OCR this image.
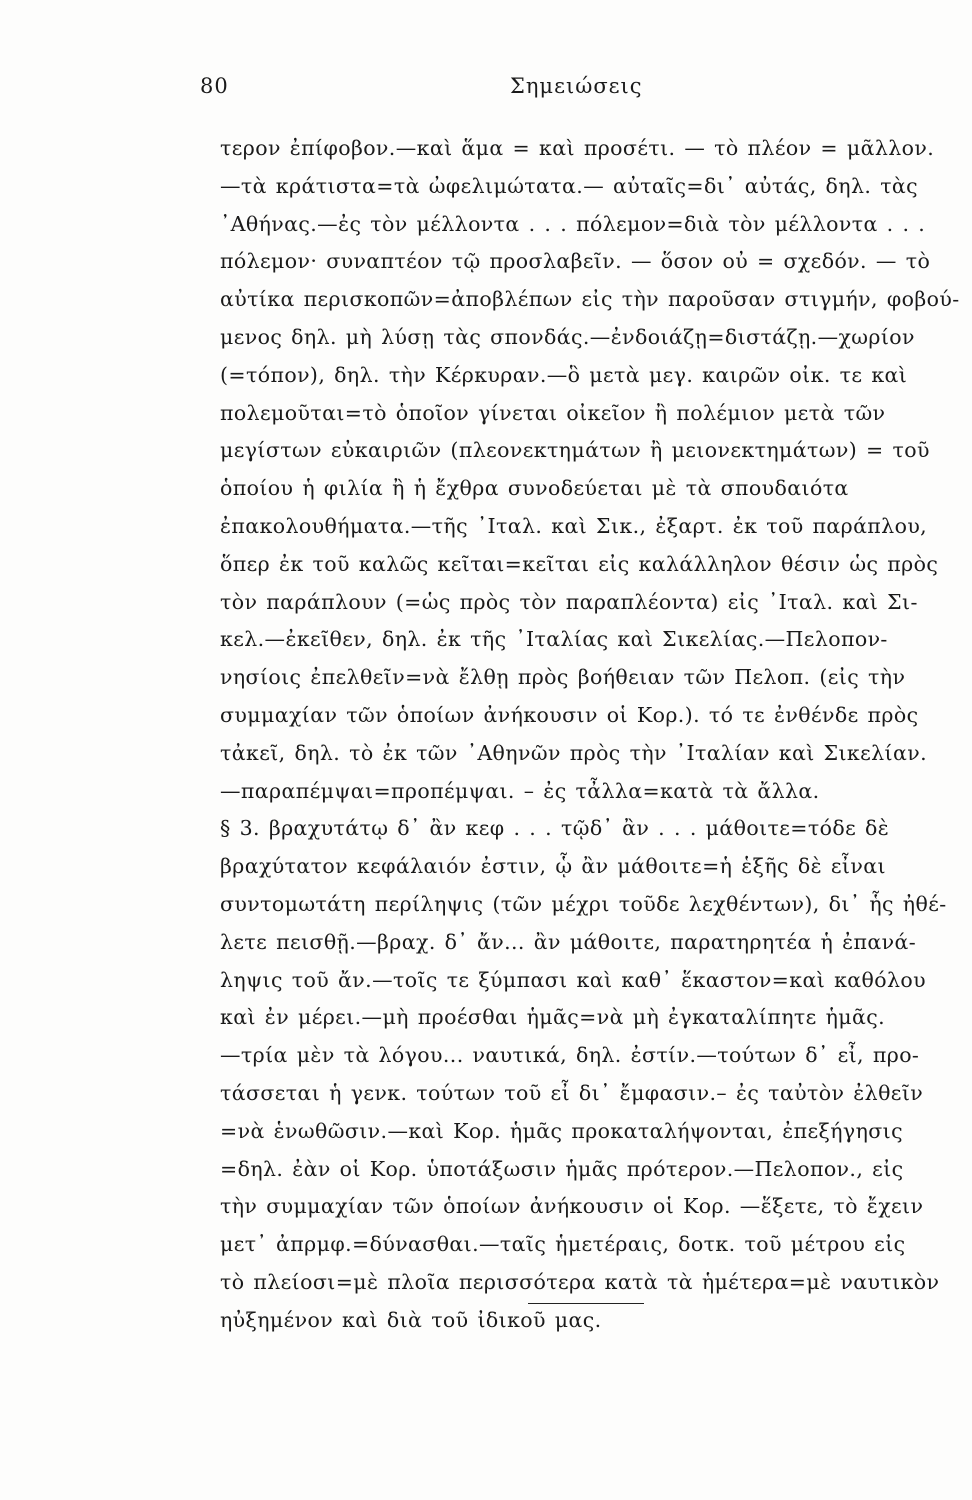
80	Σημειώσεις
τερον ἐπίφοβον.—καὶ ἅμα = καὶ προσέτι. — τὸ πλέον = μᾶλλον.
—τὰ κράτιστα=τὰ ὠφελιμώτατα.— αὐταῖς=δι᾿ αὐτάς, δηλ. τὰς
᾿Αθήνας.—ἐς τὸν μέλλοντα . . . πόλεμον=διὰ τὸν μέλλοντα . . .
πόλεμον· συναπτέον τῷ προσλαβεῖν. — ὅσον οὐ = σχεδόν. — τὸ
αὐτίκα περισκοπῶν=ἀποβλέπων εἰς τὴν παροῦσαν στιγμήν, φοβού-
μενος δηλ. μὴ λύσῃ τὰς σπονδάς.—ἐνδοιάζῃ=διστάζῃ.—χωρίον
(=τόπον), δηλ. τὴν Κέρκυραν.—ὃ μετὰ μεγ. καιρῶν οἰκ. τε καὶ
πολεμοῦται=τὸ ὁποῖον γίνεται οἰκεῖον ἢ πολέμιον μετὰ τῶν
μεγίστων εὐκαιριῶν (πλεονεκτημάτων ἢ μειονεκτημάτων) = τοῦ
ὁποίου ἡ φιλία ἢ ἡ ἔχθρα συνοδεύεται μὲ τὰ σπουδαιότα
ἐπακολουθήματα.—τῆς ᾿Ιταλ. καὶ Σικ., ἐξαρτ. ἐκ τοῦ παράπλου,
ὅπερ ἐκ τοῦ καλῶς κεῖται=κεῖται εἰς καλάλληλον θέσιν ὡς πρὸς
τὸν παράπλουν (=ὡς πρὸς τὸν παραπλέοντα) εἰς ᾿Ιταλ. καὶ Σι-
κελ.—ἐκεῖθεν, δηλ. ἐκ τῆς ᾿Ιταλίας καὶ Σικελίας.—Πελοπον-
νησίοις ἐπελθεῖν=νὰ ἔλθῃ πρὸς βοήθειαν τῶν Πελοπ. (εἰς τὴν
συμμαχίαν τῶν ὁποίων ἀνήκουσιν οἱ Κορ.). τό τε ἐνθένδε πρὸς
τἀκεῖ, δηλ. τὸ ἐκ τῶν ᾿Αθηνῶν πρὸς τὴν ᾿Ιταλίαν καὶ Σικελίαν.
—παραπέμψαι=προπέμψαι. – ἐς τἆλλα=κατὰ τὰ ἄλλα.
§ 3. βραχυτάτῳ δ᾿ ἂν κεφ . . . τῷδ᾿ ἂν . . . μάθοιτε=τόδε δὲ
βραχύτατον κεφάλαιόν ἐστιν, ᾧ ἂν μάθοιτε=ἡ ἑξῆς δὲ εἶναι
συντομωτάτη περίληψις (τῶν μέχρι τοῦδε λεχθέντων), δι᾿ ἧς ἠθέ-
λετε πεισθῇ.—βραχ. δ᾿ ἄν... ἂν μάθοιτε, παρατηρητέα ἡ ἐπανά-
ληψις τοῦ ἄν.—τοῖς τε ξύμπασι καὶ καθ᾿ ἕκαστον=καὶ καθόλου
καὶ ἐν μέρει.—μὴ προέσθαι ἡμᾶς=νὰ μὴ ἐγκαταλίπητε ἡμᾶς.
—τρία μὲν τὰ λόγου... ναυτικά, δηλ. ἐστίν.—τούτων δ᾿ εἶ, προ-
τάσσεται ἡ γενκ. τούτων τοῦ εἶ δι᾿ ἔμφασιν.– ἐς ταὐτὸν ἐλθεῖν
=νὰ ἑνωθῶσιν.—καὶ Κορ. ἡμᾶς προκαταλήψονται, ἐπεξήγησις
=δηλ. ἐὰν οἱ Κορ. ὑποτάξωσιν ἡμᾶς πρότερον.—Πελοπον., εἰς
τὴν συμμαχίαν τῶν ὁποίων ἀνήκουσιν οἱ Κορ. —ἕξετε, τὸ ἔχειν
μετ᾿ ἀπρμφ.=δύνασθαι.—ταῖς ἡμετέραις, δοτκ. τοῦ μέτρου εἰς
τὸ πλείοσι=μὲ πλοῖα περισσότερα κατὰ τὰ ἡμέτερα=μὲ ναυτικὸν
ηὐξημένον καὶ διὰ τοῦ ἰδικοῦ μας.
